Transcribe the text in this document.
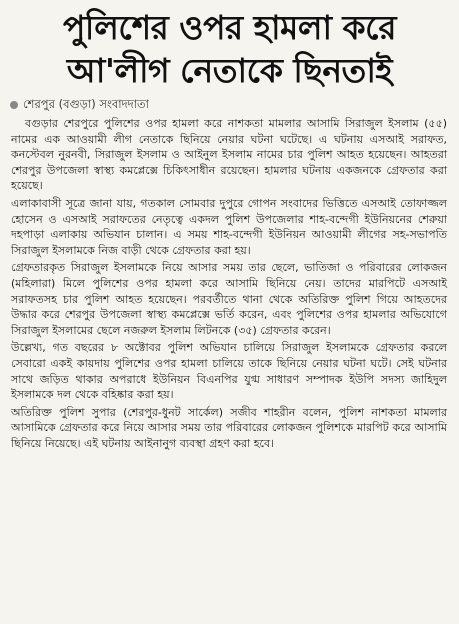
পুলিশের ওপর হামলা করে
আ'লীগ নেতাকে ছিনতাই
শেরপুর (বগুড়া) সংবাদদাতা

বগুড়ার শেরপুরে পুলিশের ওপর হামলা করে নাশকতা মামলার আসামি সিরাজুল ইসলাম (৫৫) নামের এক আওয়ামী লীগ নেতাকে ছিনিয়ে নেয়ার ঘটনা ঘটেছে। এ ঘটনায় এসআই সরাফত, কনস্টেবল নুরনবী, সিরাজুল ইসলাম ও আইনুল ইসলাম নামের চার পুলিশ আহত হয়েছেন। আহতরা শেরপুর উপজেলা স্বাস্থ্য কমপ্লেক্সে চিকিৎসাধীন রয়েছেন। হামলার ঘটনায় একজনকে গ্রেফতার করা হয়েছে।

এলাকাবাসী সূত্রে জানা যায়, গতকাল সোমবার দুপুরে গোপন সংবাদের ভিত্তিতে এসআই তোফাজ্জল হোসেন ও এসআই সরাফতের নেতৃত্বে একদল পুলিশ উপজেলার শাহ-বন্দেগী ইউনিয়নের শেরুয়া দহপাড়া এলাকায় অভিযান চালান। এ সময় শাহ-বন্দেগী ইউনিয়ন আওয়ামী লীগের সহ-সভাপতি সিরাজুল ইসলামকে নিজ বাড়ী থেকে গ্রেফতার করা হয়।

গ্রেফতারকৃত সিরাজুল ইসলামকে নিয়ে আসার সময় তার ছেলে, ভাতিজা ও পরিবারের লোকজন (মহিলারা) মিলে পুলিশের ওপর হামলা করে আসামি ছিনিয়ে নেয়। তাদের মারপিটে এসআই সরাফতসহ চার পুলিশ আহত হয়েছেন। পরবর্তীতে থানা থেকে অতিরিক্ত পুলিশ গিয়ে আহতদের উদ্ধার করে শেরপুর উপজেলা স্বাস্থ্য কমপ্লেক্সে ভর্তি করেন, এবং পুলিশের ওপর হামলার অভিযোগে সিরাজুল ইসলামের ছেলে নজরুল ইসলাম লিটনকে (৩৫) গ্রেফতার করেন।

উল্লেখ্য, গত বছরের ৮ অক্টোবর পুলিশ অভিযান চালিয়ে সিরাজুল ইসলামকে গ্রেফতার করলে সেবারো একই কায়দায় পুলিশের ওপর হামলা চালিয়ে তাকে ছিনিয়ে নেয়ার ঘটনা ঘটে। সেই ঘটনার সাথে জড়িত থাকার অপরাধে ইউনিয়ন বিএনপির যুগ্ম সাধারণ সম্পাদক ইউপি সদস্য জাহিদুল ইসলামকে দল থেকে বহিষ্কার করা হয়।

অতিরিক্ত পুলিশ সুপার (শেরপুর-ধুনট সার্কেল) সজীব শাহরীন বলেন, পুলিশ নাশকতা মামলার আসামিকে গ্রেফতার করে নিয়ে আসার সময় তার পরিবারের লোকজন পুলিশকে মারপিট করে আসামি ছিনিয়ে নিয়েছে। এই ঘটনায় আইনানুগ ব্যবস্থা গ্রহণ করা হবে।
